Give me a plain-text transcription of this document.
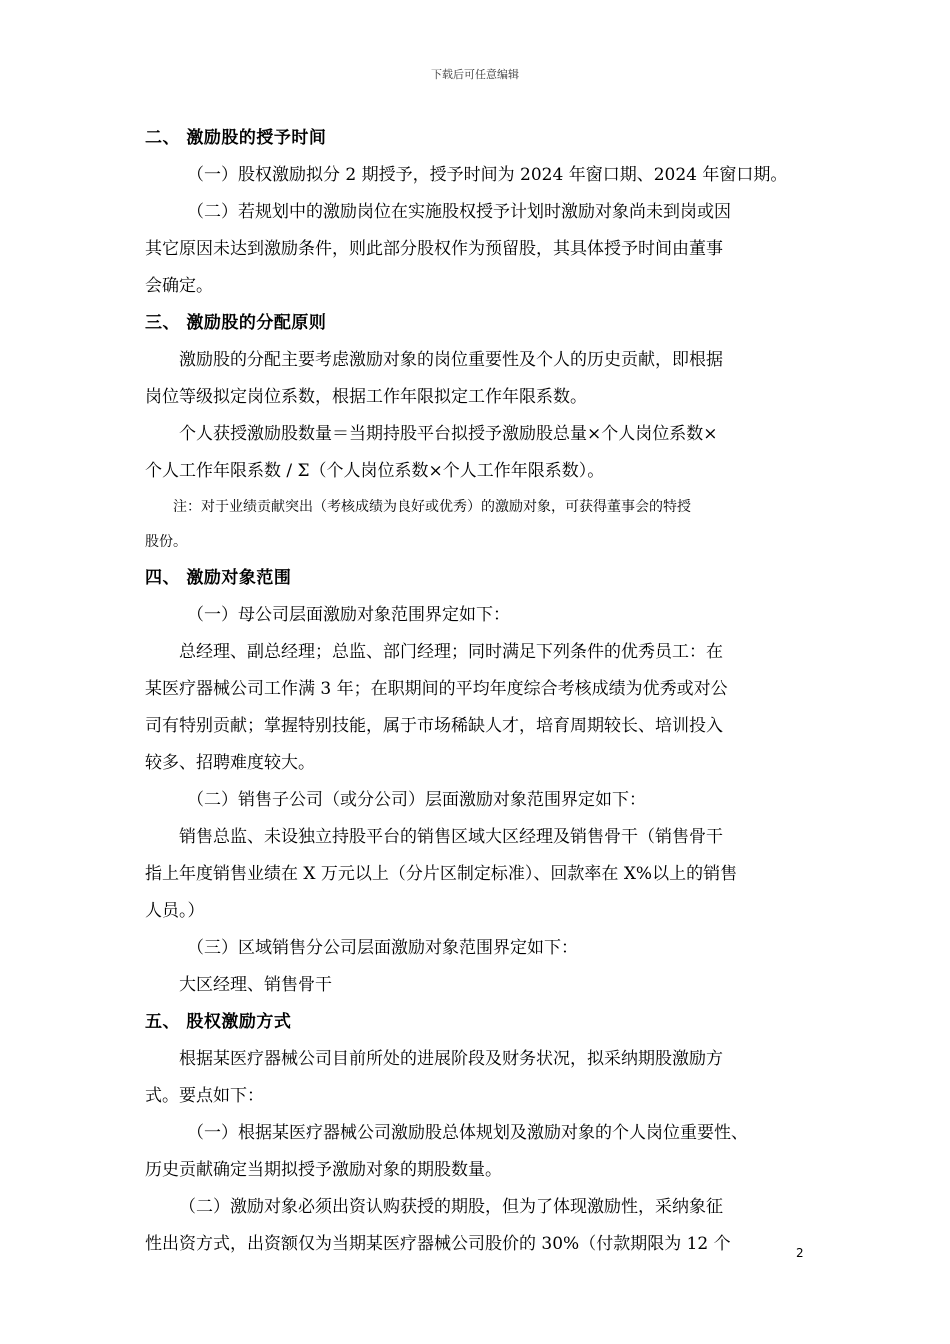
下载后可任意编辑

二、 激励股的授予时间

（一）股权激励拟分 2 期授予，授予时间为 2024 年窗口期、2024 年窗口期。

（二）若规划中的激励岗位在实施股权授予计划时激励对象尚未到岗或因

其它原因未达到激励条件，则此部分股权作为预留股，其具体授予时间由董事

会确定。

三、 激励股的分配原则

激励股的分配主要考虑激励对象的岗位重要性及个人的历史贡献，即根据

岗位等级拟定岗位系数，根据工作年限拟定工作年限系数。

个人获授激励股数量＝当期持股平台拟授予激励股总量×个人岗位系数×

个人工作年限系数 / Σ（个人岗位系数×个人工作年限系数）。

注：对于业绩贡献突出（考核成绩为良好或优秀）的激励对象，可获得董事会的特授

股份。

四、 激励对象范围

（一）母公司层面激励对象范围界定如下：

总经理、副总经理；总监、部门经理；同时满足下列条件的优秀员工：在

某医疗器械公司工作满 3 年；在职期间的平均年度综合考核成绩为优秀或对公

司有特别贡献；掌握特别技能，属于市场稀缺人才，培育周期较长、培训投入

较多、招聘难度较大。

（二）销售子公司（或分公司）层面激励对象范围界定如下：

销售总监、未设独立持股平台的销售区域大区经理及销售骨干（销售骨干

指上年度销售业绩在 X 万元以上（分片区制定标准）、回款率在 X%以上的销售

人员。）

（三）区域销售分公司层面激励对象范围界定如下：

大区经理、销售骨干

五、 股权激励方式

根据某医疗器械公司目前所处的进展阶段及财务状况，拟采纳期股激励方

式。要点如下：

（一）根据某医疗器械公司激励股总体规划及激励对象的个人岗位重要性、

历史贡献确定当期拟授予激励对象的期股数量。

（二）激励对象必须出资认购获授的期股，但为了体现激励性，采纳象征

性出资方式，出资额仅为当期某医疗器械公司股价的 30%（付款期限为 12 个	2
